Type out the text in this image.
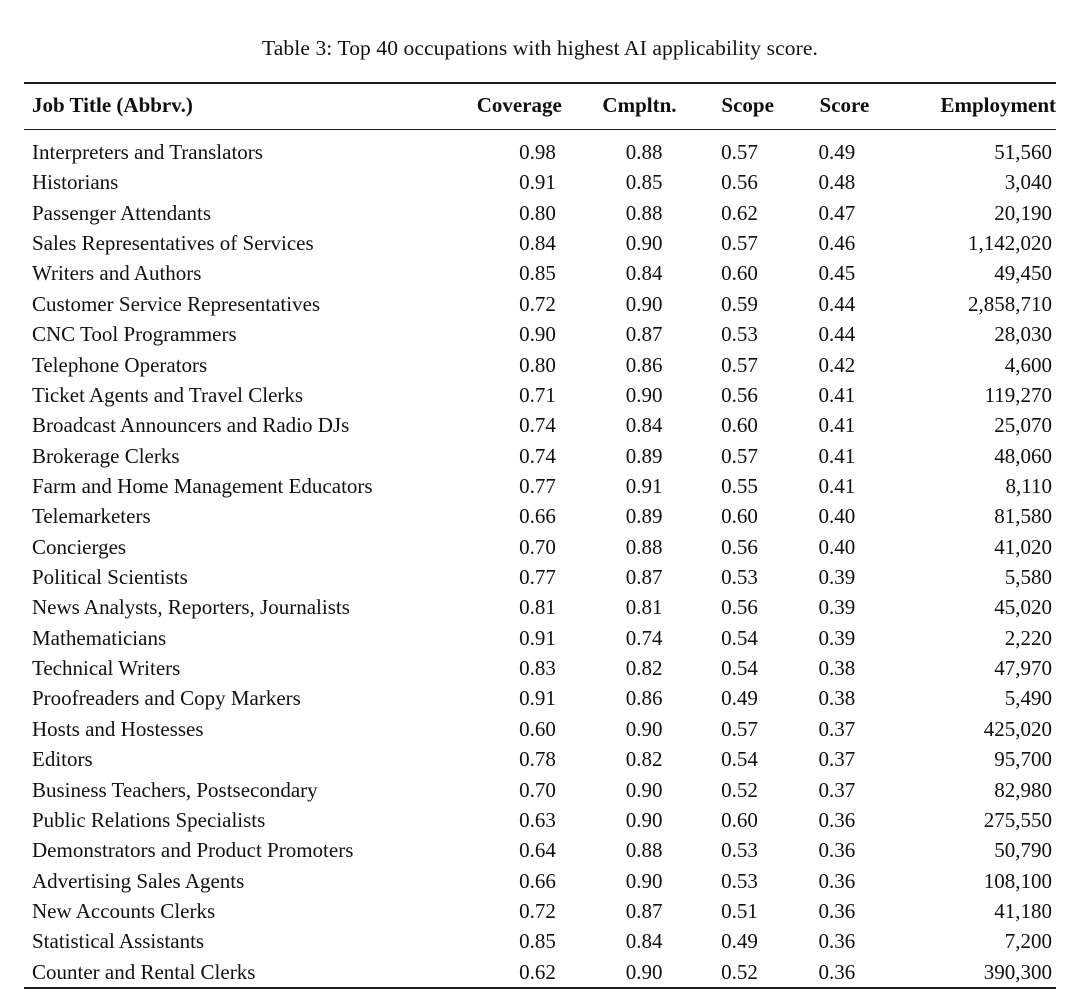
Table 3: Top 40 occupations with highest AI applicability score.
Job Title (Abbrv.)	Coverage	Cmpltn.	Scope	Score	Employment

Interpreters and Translators	0.98	0.88	0.57	0.49	51,560
Historians	0.91	0.85	0.56	0.48	3,040
Passenger Attendants	0.80	0.88	0.62	0.47	20,190
Sales Representatives of Services	0.84	0.90	0.57	0.46	1,142,020
Writers and Authors	0.85	0.84	0.60	0.45	49,450
Customer Service Representatives	0.72	0.90	0.59	0.44	2,858,710
CNC Tool Programmers	0.90	0.87	0.53	0.44	28,030
Telephone Operators	0.80	0.86	0.57	0.42	4,600
Ticket Agents and Travel Clerks	0.71	0.90	0.56	0.41	119,270
Broadcast Announcers and Radio DJs	0.74	0.84	0.60	0.41	25,070
Brokerage Clerks	0.74	0.89	0.57	0.41	48,060
Farm and Home Management Educators	0.77	0.91	0.55	0.41	8,110
Telemarketers	0.66	0.89	0.60	0.40	81,580
Concierges	0.70	0.88	0.56	0.40	41,020
Political Scientists	0.77	0.87	0.53	0.39	5,580
News Analysts, Reporters, Journalists	0.81	0.81	0.56	0.39	45,020
Mathematicians	0.91	0.74	0.54	0.39	2,220
Technical Writers	0.83	0.82	0.54	0.38	47,970
Proofreaders and Copy Markers	0.91	0.86	0.49	0.38	5,490
Hosts and Hostesses	0.60	0.90	0.57	0.37	425,020
Editors	0.78	0.82	0.54	0.37	95,700
Business Teachers, Postsecondary	0.70	0.90	0.52	0.37	82,980
Public Relations Specialists	0.63	0.90	0.60	0.36	275,550
Demonstrators and Product Promoters	0.64	0.88	0.53	0.36	50,790
Advertising Sales Agents	0.66	0.90	0.53	0.36	108,100
New Accounts Clerks	0.72	0.87	0.51	0.36	41,180
Statistical Assistants	0.85	0.84	0.49	0.36	7,200
Counter and Rental Clerks	0.62	0.90	0.52	0.36	390,300
